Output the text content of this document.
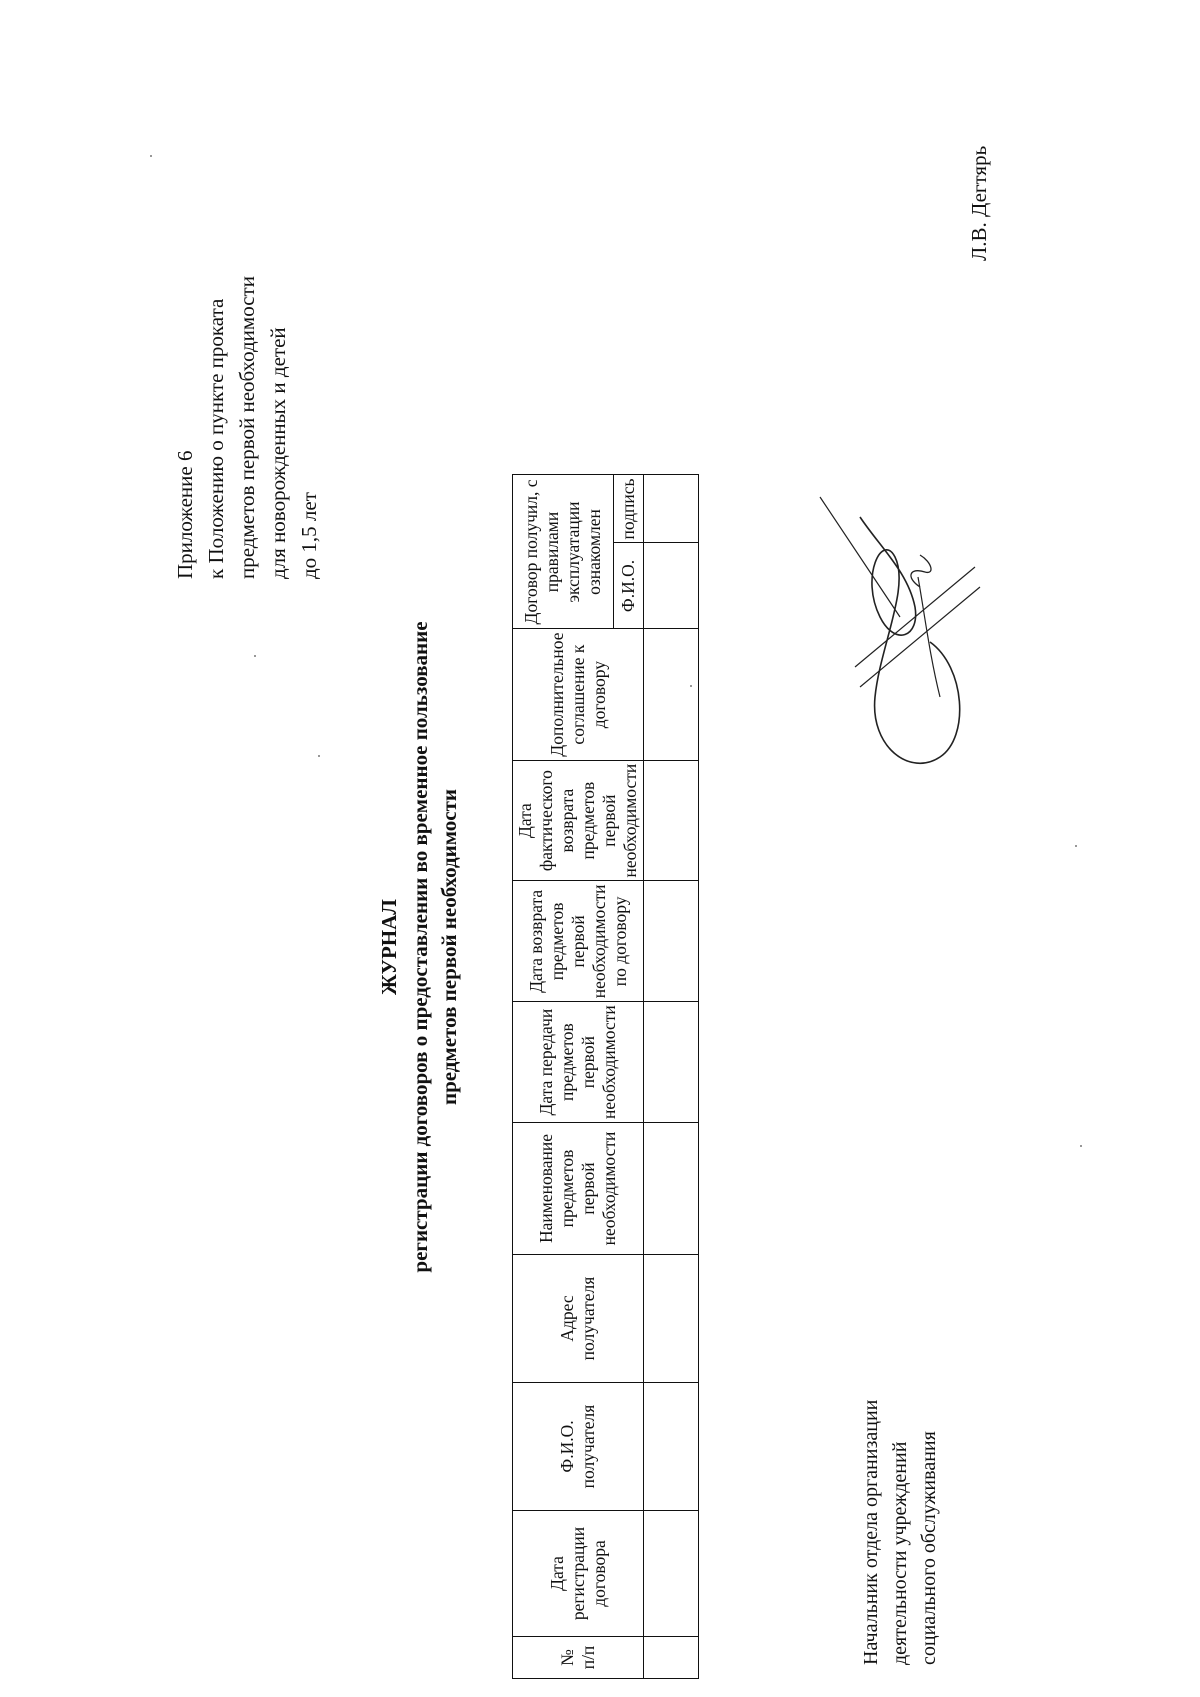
Приложение 6 к Положению о пункте проката предметов первой необходимости для новорожденных и детей до 1,5 лет
ЖУРНАЛ регистрации договоров о предоставлении во временное пользование предметов первой необходимости
№ п/п	Дата регистрации договора	Ф.И.О. получателя	Адрес получателя	Наименование предметов первой необходимости	Дата передачи предметов первой необходимости	Дата возврата предметов первой необходимости по договору	Дата фактического возврата предметов первой необходимости	Дополнительное соглашение к договору	Договор получил, с правилами эксплуатации ознакомлен	
									Ф.И.О.	подпись

Начальник отдела организации деятельности учреждений социального обслуживания
Л.В. Дегтярь
